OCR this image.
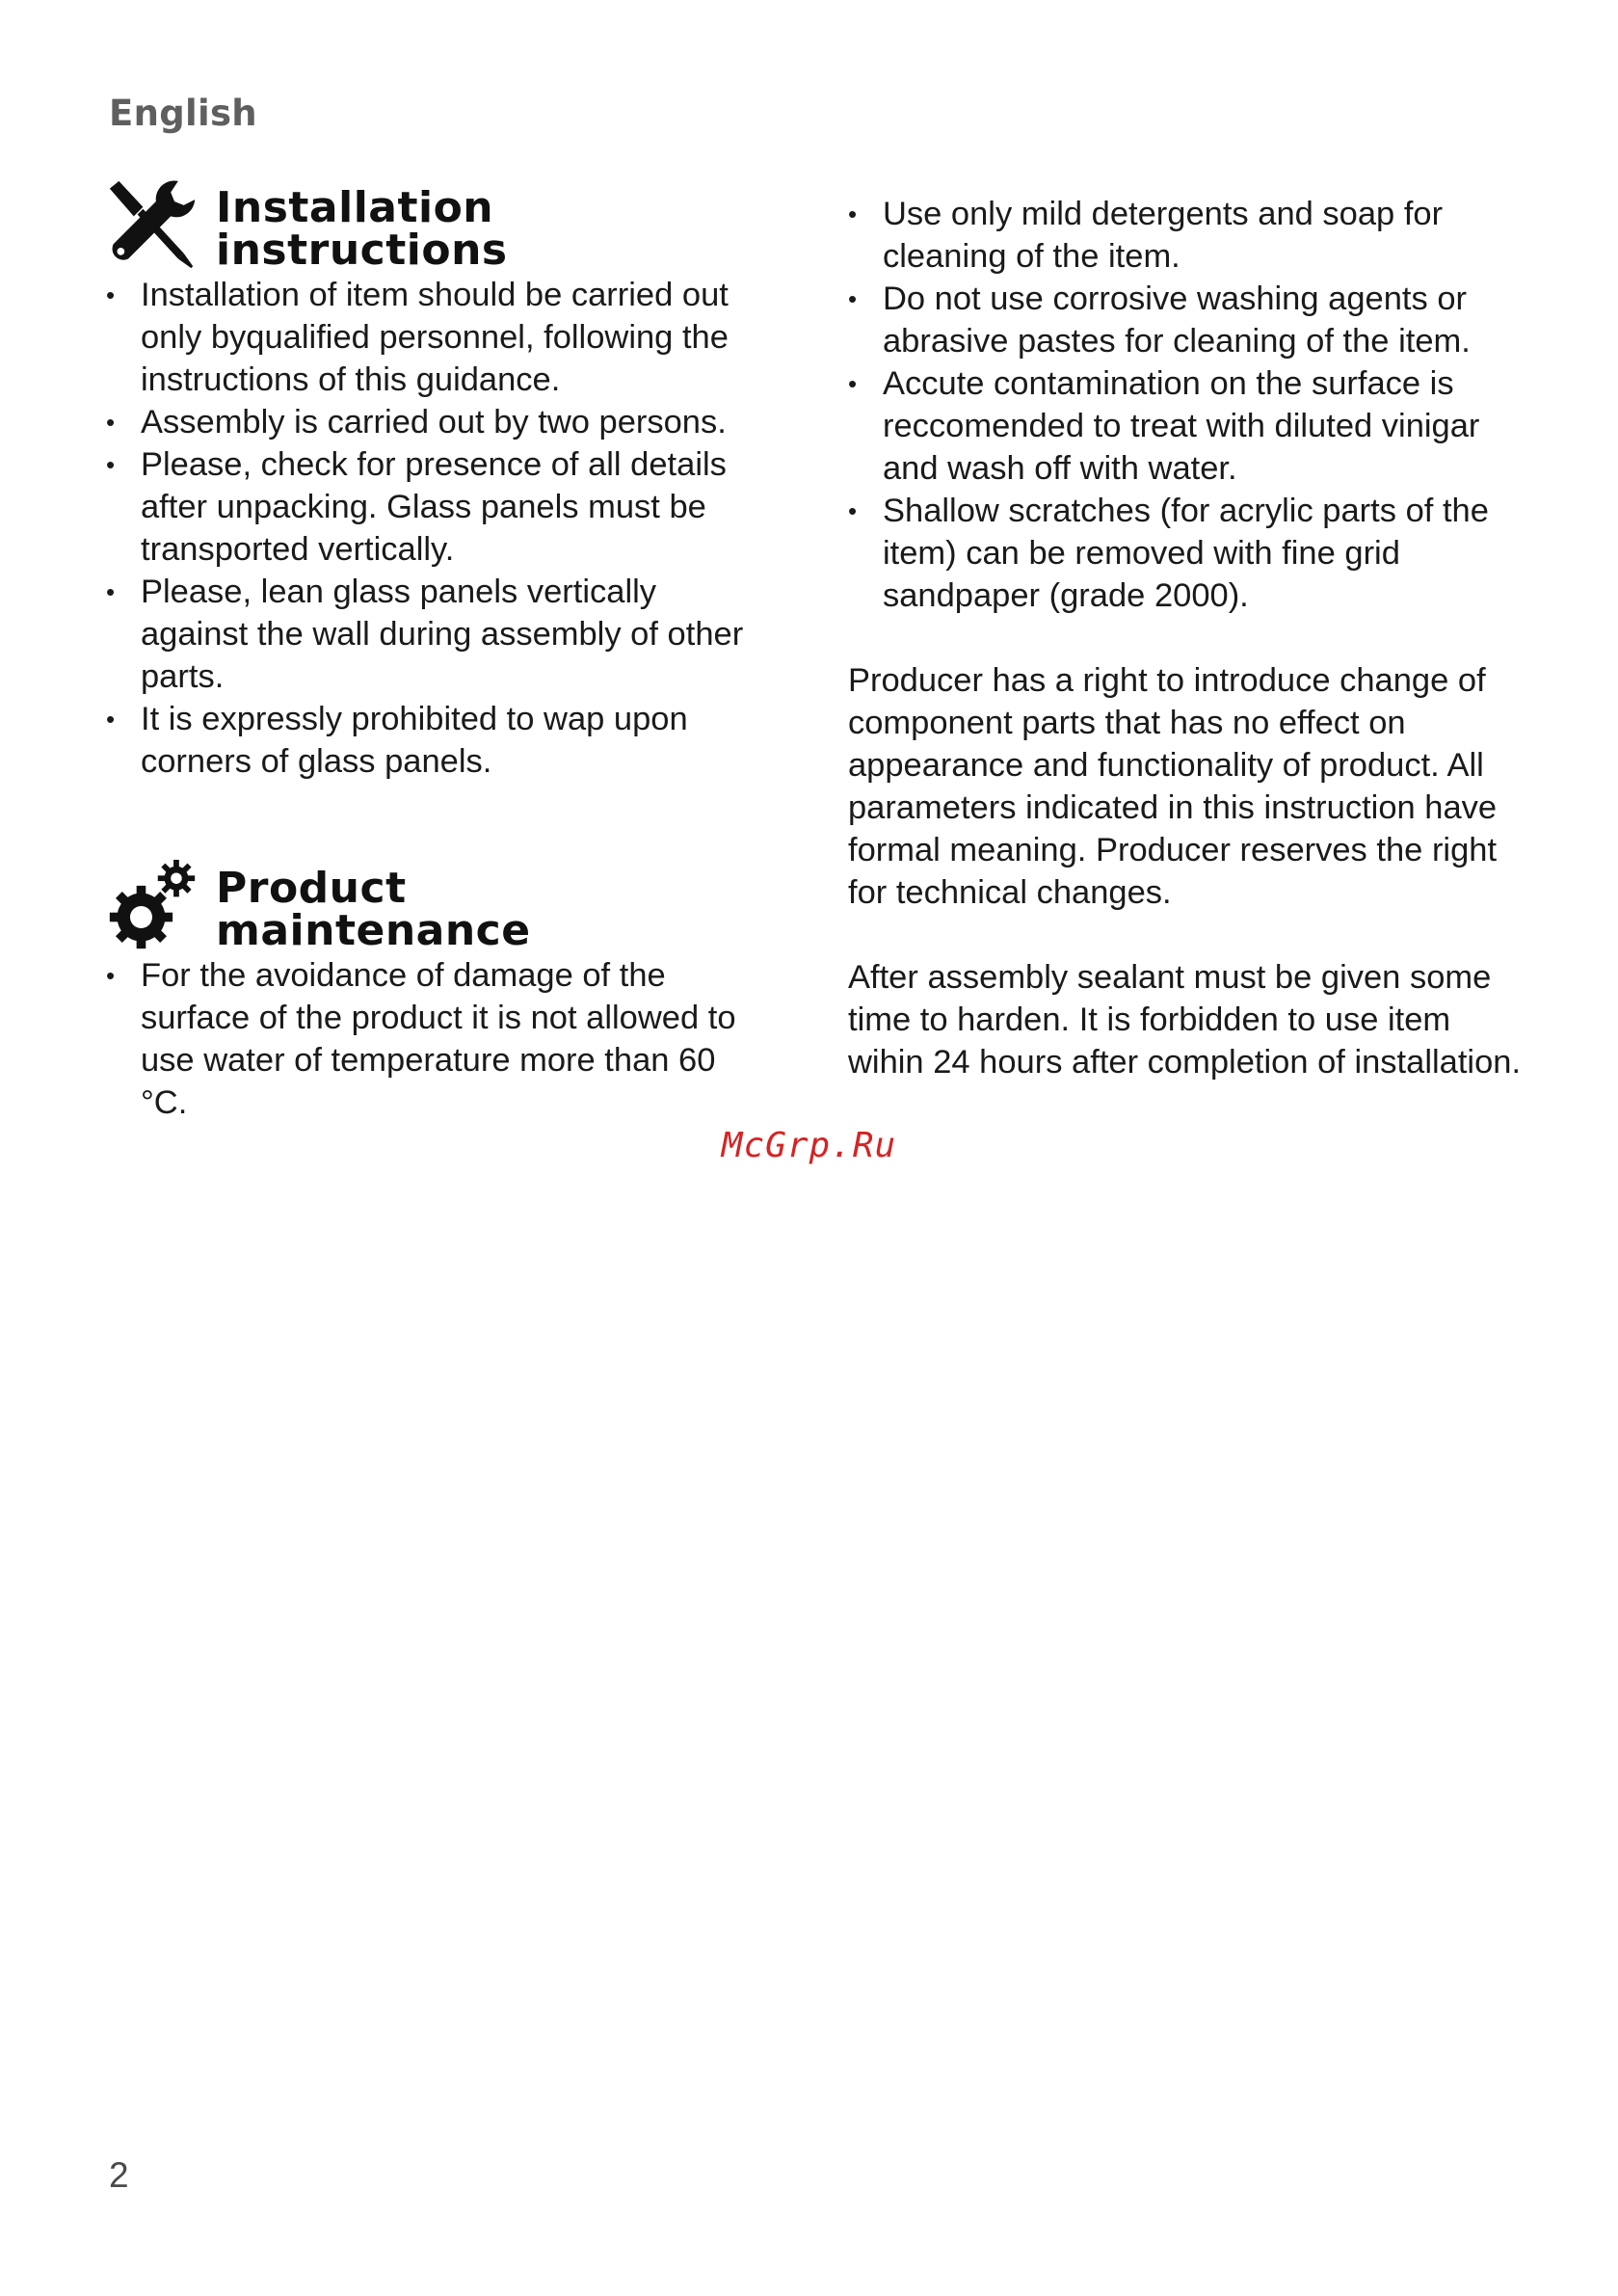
English
Installation
instructions
• Installation of item should be carried out only byqualified personnel, following the instructions of this guidance.
• Assembly is carried out by two persons.
• Please, check for presence of all details after unpacking. Glass panels must be transported vertically.
• Please, lean glass panels vertically against the wall during assembly of other parts.
• It is expressly prohibited to wap upon corners of glass panels.
Product
maintenance
• For the avoidance of damage of the surface of the product it is not allowed to use water of temperature more than 60 °C.
• Use only mild detergents and soap for cleaning of the item.
• Do not use corrosive washing agents or abrasive pastes for cleaning of the item.
• Accute contamination on the surface is reccomended to treat with diluted vinigar and wash off with water.
• Shallow scratches (for acrylic parts of the item) can be removed with fine grid sandpaper (grade 2000).

Producer has a right to introduce change of component parts that has no effect on appearance and functionality of product. All parameters indicated in this instruction have formal meaning. Producer reserves the right for technical changes.

After assembly sealant must be given some time to harden. It is forbidden to use item wihin 24 hours after completion of installation.

McGrp.Ru
2
